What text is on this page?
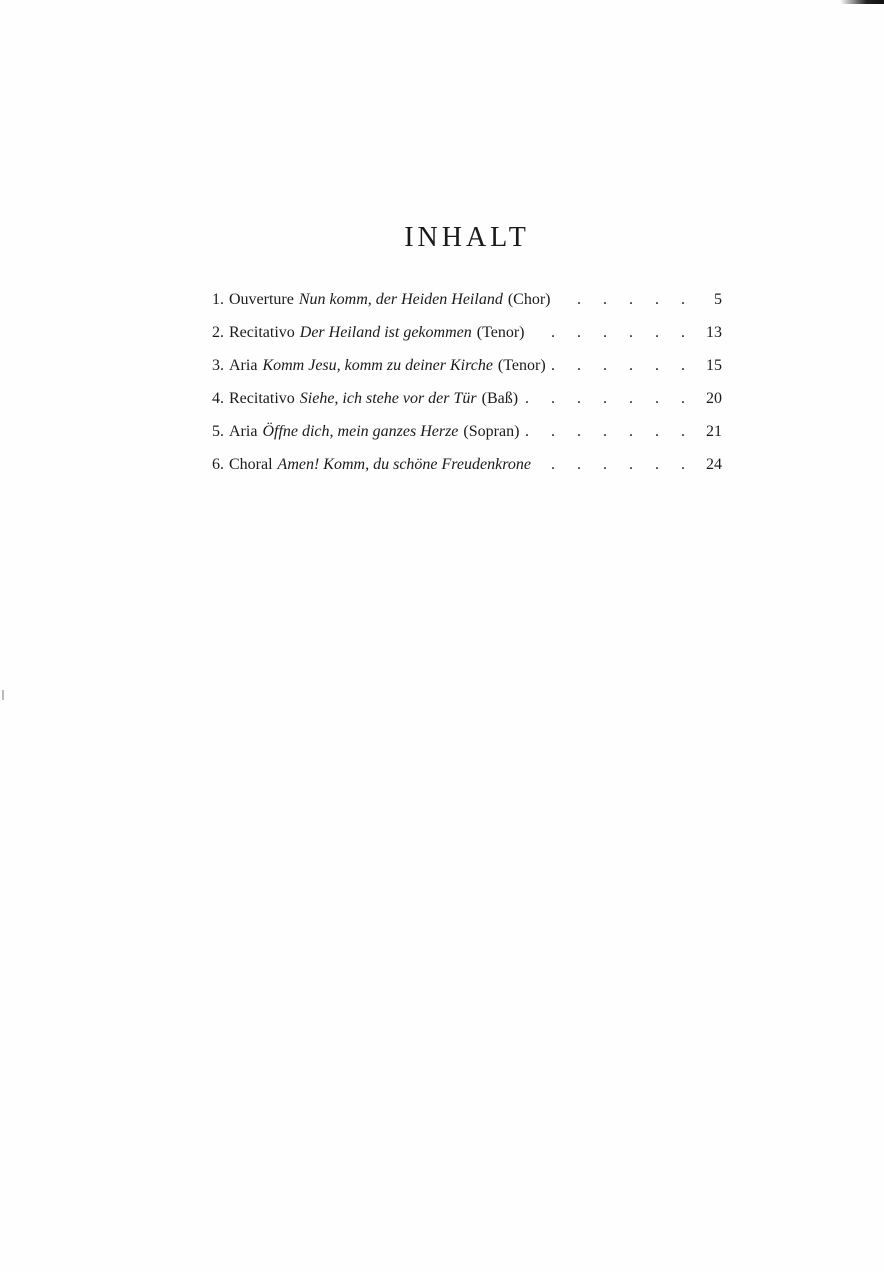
INHALT
1. Ouverture Nun komm, der Heiden Heiland (Chor) . . .	5
2. Recitativo Der Heiland ist gekommen (Tenor) . . .	13
3. Aria Komm Jesu, komm zu deiner Kirche (Tenor) . . .	15
4. Recitativo Siehe, ich stehe vor der Tür (Baß) . . .	20
5. Aria Öffne dich, mein ganzes Herze (Sopran) . . .	21
6. Choral Amen! Komm, du schöne Freudenkrone . . .	24
